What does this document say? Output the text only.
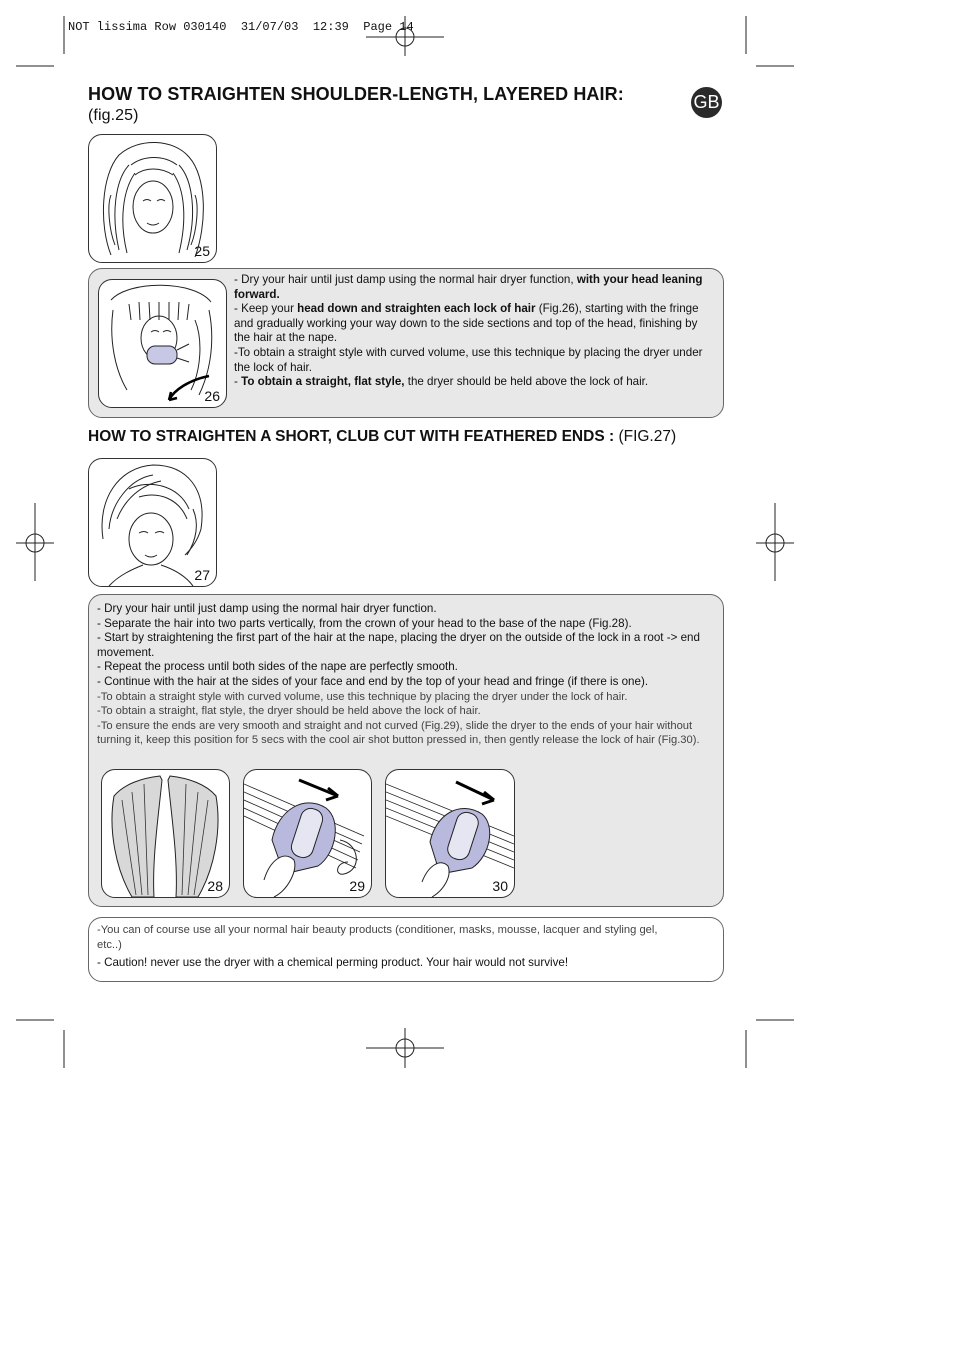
NOT lissima Row 030140  31/07/03  12:39  Page 14
HOW TO STRAIGHTEN SHOULDER-LENGTH, LAYERED HAIR:
(fig.25)
GB
25
26

- Dry your hair until just damp using the normal hair dryer function, with your head leaning forward.

- Keep your head down and straighten each lock of hair (Fig.26), starting with the fringe and gradually working your way down to the side sections and top of the head, finishing by the hair at the nape.

-To obtain a straight style with curved volume, use this technique by placing the dryer under the lock of hair.

- To obtain a straight, flat style, the dryer should be held above the lock of hair.

HOW TO STRAIGHTEN A SHORT, CLUB CUT WITH FEATHERED ENDS : (FIG.27)
27

- Dry your hair until just damp using the normal hair dryer function.

- Separate the hair into two parts vertically, from the crown of your head to the base of the nape (Fig.28).

- Start by straightening the first part of the hair at the nape, placing the dryer on the outside of the lock in a root -> end movement.

- Repeat the process until both sides of the nape are perfectly smooth.

- Continue with the hair at the sides of your face and end by the top of your head and fringe (if there is one).

-To obtain a straight style with curved volume, use this technique by placing the dryer under the lock of hair.

-To obtain a straight, flat style, the dryer should be held above the lock of hair.

-To ensure the ends are very smooth and straight and not curved (Fig.29), slide the dryer to the ends of your hair without turning it, keep this position for 5 secs with the cool air shot button pressed in, then gently release the lock of hair (Fig.30).

28	29	30

-You can of course use all your normal hair beauty products (conditioner, masks, mousse, lacquer and styling gel, etc..)

- Caution! never use the dryer with a chemical perming product. Your hair would not survive!
